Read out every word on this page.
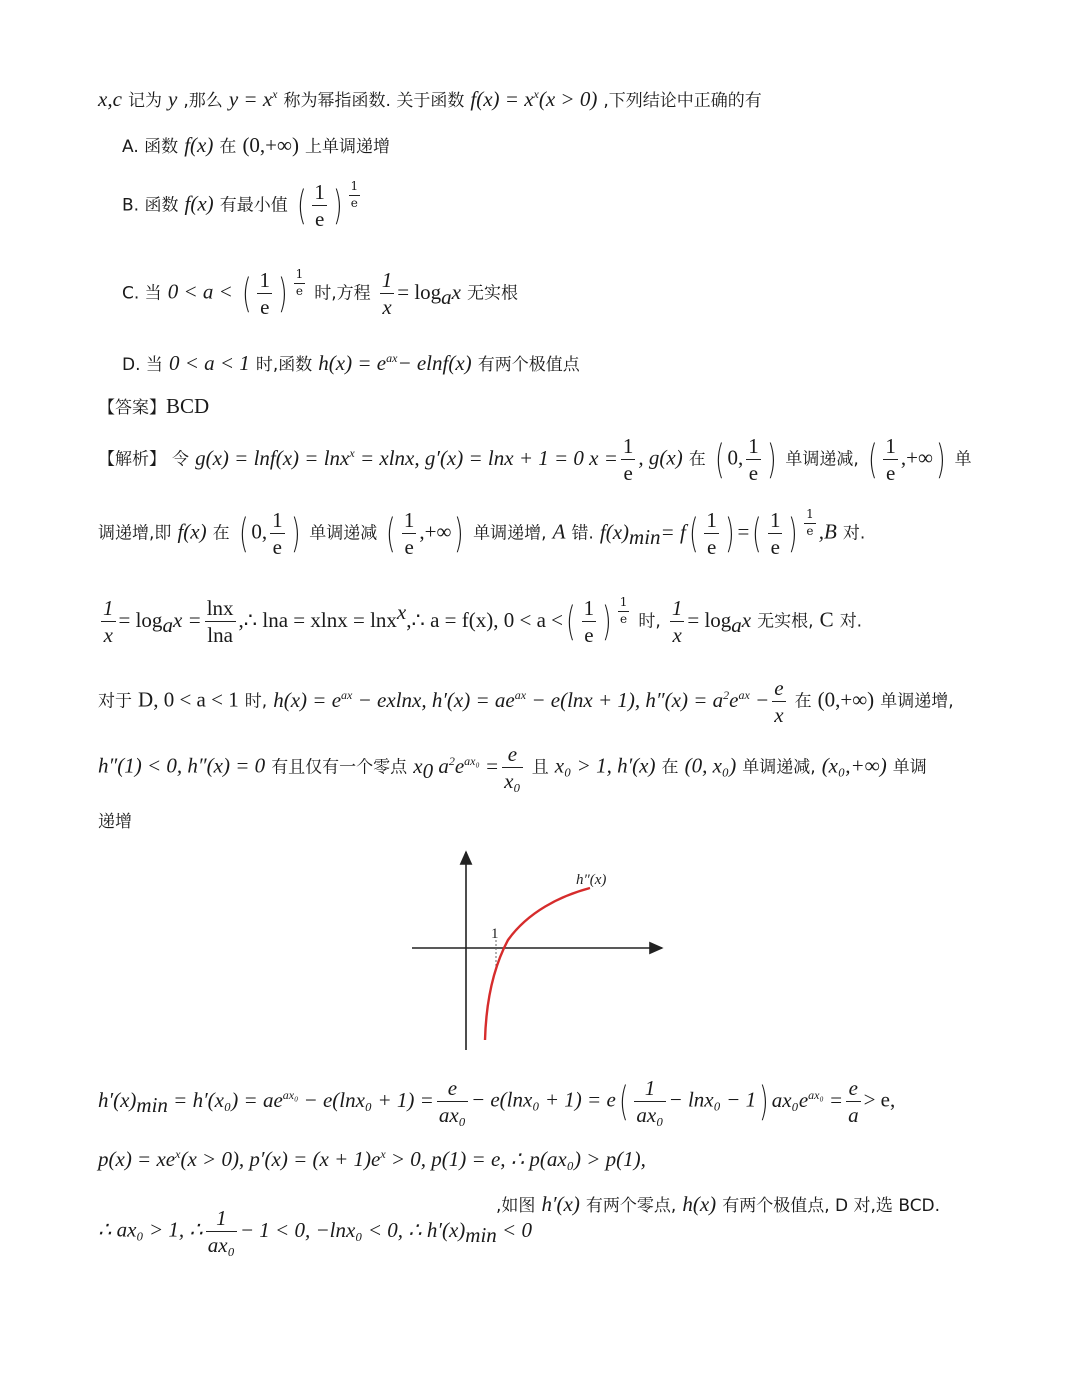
x,c 记为 y ,那么 $y = x^x$ 称为幂指函数. 关于函数 $f(x) = x^x(x > 0)$ ,下列结论中正确的有
A. 函数 f(x) 在 (0,+∞) 上单调递增
B. 函数 f(x) 有最小值 ( $\frac{1}{e}$ ) $\frac{1}{e}$
C. 当 0 < a < ( $\frac{1}{e}$ ) $\frac{1}{e}$ 时,方程 $\frac{1}{x} = \log_ax$ 无实根
D. 当 0 < a < 1 时,函数 $h(x) = e^{ax}- elnf(x)$ 有两个极值点
【答案】BCD
【解析】 令 g(x) = lnf(x) = lnx$^x$ = xlnx, g′(x) = lnx + 1 = 0 $x = \frac{1}{e}$ , g(x) 在 ( 0, $\frac{1}{e}$ ) 单调递减, ( $\frac{1}{e}$ ,+∞) 单
调递增,即 f(x) 在 ( 0, $\frac{1}{e}$ ) 单调递减 ( $\frac{1}{e}$ ,+∞) 单调递增, A 错. $f(x)_{min}= f( \frac{1}{e}$ ) =( $\frac{1}{e}$ ) $\frac{1}{e} ,B$ 对.
$\frac{1}{x} = \log_ax = \frac{\ln x}{\ln a}$ ,∴ lna = xlnx = lnx$^x$,∴ a = f(x), 0 < a <( $\frac{1}{e}$ ) $\frac{1}{e}$ 时, $\frac{1}{x} = \log_ax$ 无实根, C 对.
对于 D, 0 < a < 1 时, $h(x) = e^{ax} - exlnx$, $h'(x) = ae^{ax} - e(\ln x + 1)$, $h''(x) = a^2e^{ax} - \frac{e}{x}$ 在 (0,+∞) 单调递增,
h″(1) < 0, h″(x) = 0 有且仅有一个零点 $x_0$ $a^2e^{ax_0} = \frac{e}{\text{x₀}}$ 且 x₀ > 1, h′(x) 在 (0, x₀) 单调递减, (x₀,+∞) 单调
递增
1
h″(x)
$h'(x)_{min} = h'(x_0) = ae^{ax_0} - e(\ln x_0 + 1) = \frac{e}{\text{ax₀}} - e(\ln x_0 + 1) = e( \frac{1}{\text{ax₀}} - \ln x_0 - 1) ax_0e^{ax_0} = \frac{e}{a} > e$,
$p(x) = xe^x(x > 0)$, $p'(x) = (x + 1)e^x > 0$, p(1) = e, ∴ p(ax₀) > p(1),
,如图 h′(x) 有两个零点, h(x) 有两个极值点, D 对,选 BCD.
∴ ax₀ > 1, ∴ $\frac{1}{\text{ax₀}} - 1 < 0$, −lnx₀ < 0, ∴ $h'(x)_{min} < 0$
